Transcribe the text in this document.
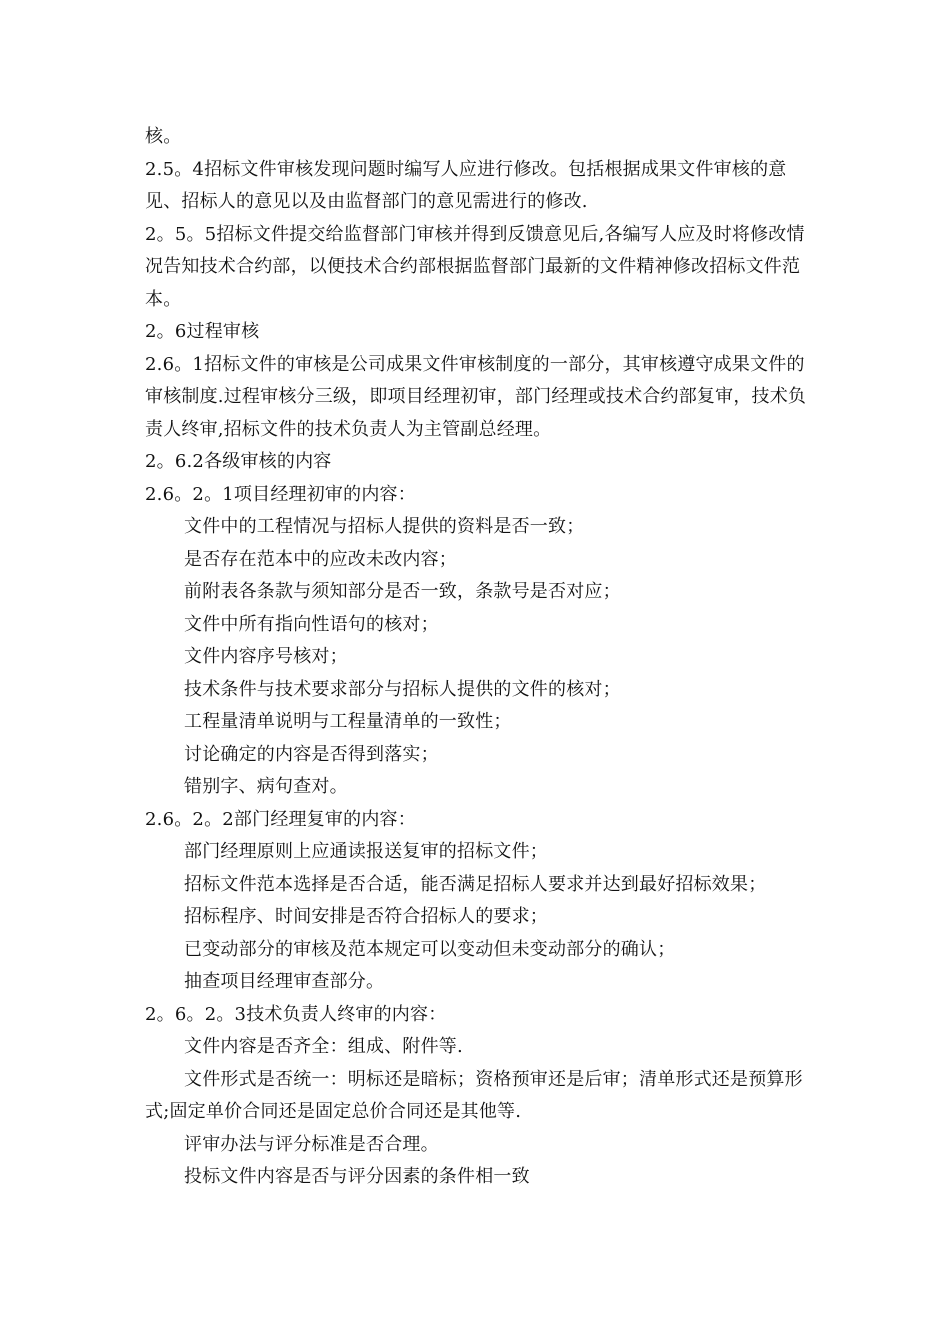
核。

2.5。4招标文件审核发现问题时编写人应进行修改。包括根据成果文件审核的意见、招标人的意见以及由监督部门的意见需进行的修改.

2。5。5招标文件提交给监督部门审核并得到反馈意见后,各编写人应及时将修改情况告知技术合约部，以便技术合约部根据监督部门最新的文件精神修改招标文件范本。

2。6过程审核

2.6。1招标文件的审核是公司成果文件审核制度的一部分，其审核遵守成果文件的审核制度.过程审核分三级，即项目经理初审，部门经理或技术合约部复审，技术负责人终审,招标文件的技术负责人为主管副总经理。

2。6.2各级审核的内容

2.6。2。1项目经理初审的内容：

文件中的工程情况与招标人提供的资料是否一致；

是否存在范本中的应改未改内容；

前附表各条款与须知部分是否一致，条款号是否对应；

文件中所有指向性语句的核对；

文件内容序号核对；

技术条件与技术要求部分与招标人提供的文件的核对；

工程量清单说明与工程量清单的一致性；

讨论确定的内容是否得到落实；

错别字、病句查对。

2.6。2。2部门经理复审的内容：

部门经理原则上应通读报送复审的招标文件；

招标文件范本选择是否合适，能否满足招标人要求并达到最好招标效果；

招标程序、时间安排是否符合招标人的要求；

已变动部分的审核及范本规定可以变动但未变动部分的确认；

抽查项目经理审查部分。

2。6。2。3技术负责人终审的内容：

文件内容是否齐全：组成、附件等.

文件形式是否统一：明标还是暗标；资格预审还是后审；清单形式还是预算形式;固定单价合同还是固定总价合同还是其他等.

评审办法与评分标准是否合理。

投标文件内容是否与评分因素的条件相一致
